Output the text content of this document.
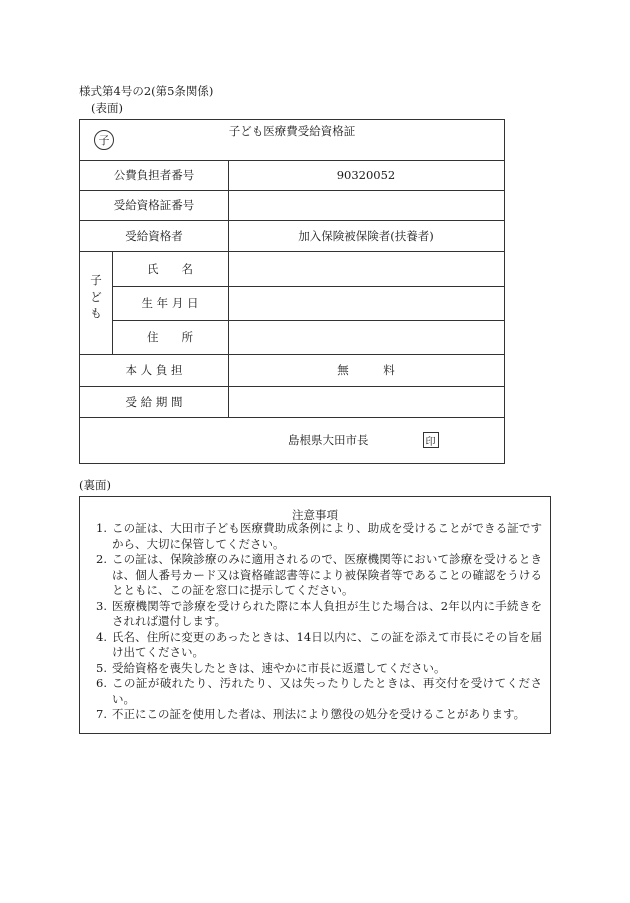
様式第4号の2(第5条関係)
(表面)
子
子ども医療費受給資格証
公費負担者番号	90320052
受給資格証番号
受給資格者	加入保険被保険者(扶養者)
子
ど
も
氏　　名
生 年 月 日
住　　所
本 人 負 担	無　　　料
受 給 期 間
島根県大田市長	印
(裏面)
注意事項
1. この証は、大田市子ども医療費助成条例により、助成を受けることができる証ですから、大切に保管してください。
2. この証は、保険診療のみに適用されるので、医療機関等において診療を受けるときは、個人番号カード又は資格確認書等により被保険者等であることの確認をうけるとともに、この証を窓口に提示してください。
3. 医療機関等で診療を受けられた際に本人負担が生じた場合は、2年以内に手続きをされれば還付します。
4. 氏名、住所に変更のあったときは、14日以内に、この証を添えて市長にその旨を届け出てください。
5. 受給資格を喪失したときは、速やかに市長に返還してください。
6. この証が破れたり、汚れたり、又は失ったりしたときは、再交付を受けてください。
7. 不正にこの証を使用した者は、刑法により懲役の処分を受けることがあります。
